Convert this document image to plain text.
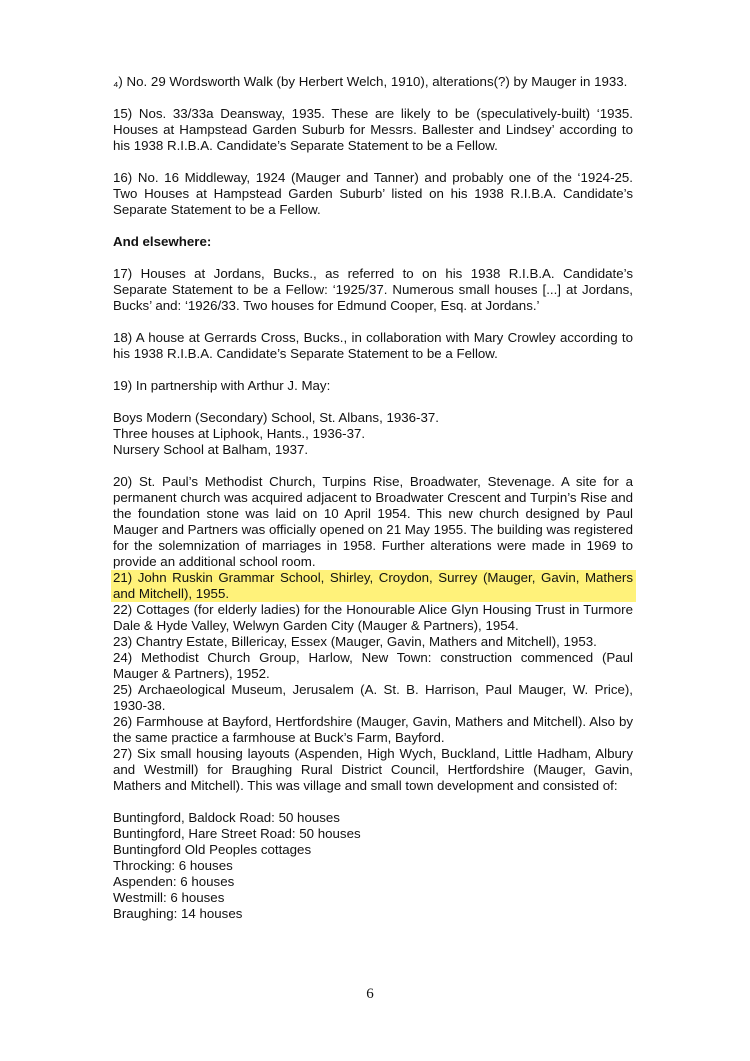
₄) No. 29 Wordsworth Walk (by Herbert Welch, 1910), alterations(?) by Mauger in 1933.

15) Nos. 33/33a Deansway, 1935. These are likely to be (speculatively-built) ‘1935. Houses at Hampstead Garden Suburb for Messrs. Ballester and Lindsey’ according to his 1938 R.I.B.A. Candidate’s Separate Statement to be a Fellow.

16) No. 16 Middleway, 1924 (Mauger and Tanner) and probably one of the ‘1924-25. Two Houses at Hampstead Garden Suburb’ listed on his 1938 R.I.B.A. Candidate’s Separate Statement to be a Fellow.

And elsewhere:

17) Houses at Jordans, Bucks., as referred to on his 1938 R.I.B.A. Candidate’s Separate Statement to be a Fellow: ‘1925/37. Numerous small houses [...] at Jordans, Bucks’ and: ‘1926/33. Two houses for Edmund Cooper, Esq. at Jordans.’

18) A house at Gerrards Cross, Bucks., in collaboration with Mary Crowley according to his 1938 R.I.B.A. Candidate’s Separate Statement to be a Fellow.

19) In partnership with Arthur J. May:

Boys Modern (Secondary) School, St. Albans, 1936-37.
Three houses at Liphook, Hants., 1936-37.
Nursery School at Balham, 1937.

20) St. Paul’s Methodist Church, Turpins Rise, Broadwater, Stevenage. A site for a permanent church was acquired adjacent to Broadwater Crescent and Turpin’s Rise and the foundation stone was laid on 10 April 1954. This new church designed by Paul Mauger and Partners was officially opened on 21 May 1955. The building was registered for the solemnization of marriages in 1958. Further alterations were made in 1969 to provide an additional school room.

21) John Ruskin Grammar School, Shirley, Croydon, Surrey (Mauger, Gavin, Mathers and Mitchell), 1955.

22) Cottages (for elderly ladies) for the Honourable Alice Glyn Housing Trust in Turmore Dale & Hyde Valley, Welwyn Garden City (Mauger & Partners), 1954.

23) Chantry Estate, Billericay, Essex (Mauger, Gavin, Mathers and Mitchell), 1953.

24) Methodist Church Group, Harlow, New Town: construction commenced (Paul Mauger & Partners), 1952.

25) Archaeological Museum, Jerusalem (A. St. B. Harrison, Paul Mauger, W. Price), 1930-38.

26) Farmhouse at Bayford, Hertfordshire (Mauger, Gavin, Mathers and Mitchell). Also by the same practice a farmhouse at Buck’s Farm, Bayford.

27) Six small housing layouts (Aspenden, High Wych, Buckland, Little Hadham, Albury and Westmill) for Braughing Rural District Council, Hertfordshire (Mauger, Gavin, Mathers and Mitchell). This was village and small town development and consisted of:

Buntingford, Baldock Road: 50 houses
Buntingford, Hare Street Road: 50 houses
Buntingford Old Peoples cottages
Throcking: 6 houses
Aspenden: 6 houses
Westmill: 6 houses
Braughing: 14 houses
6
